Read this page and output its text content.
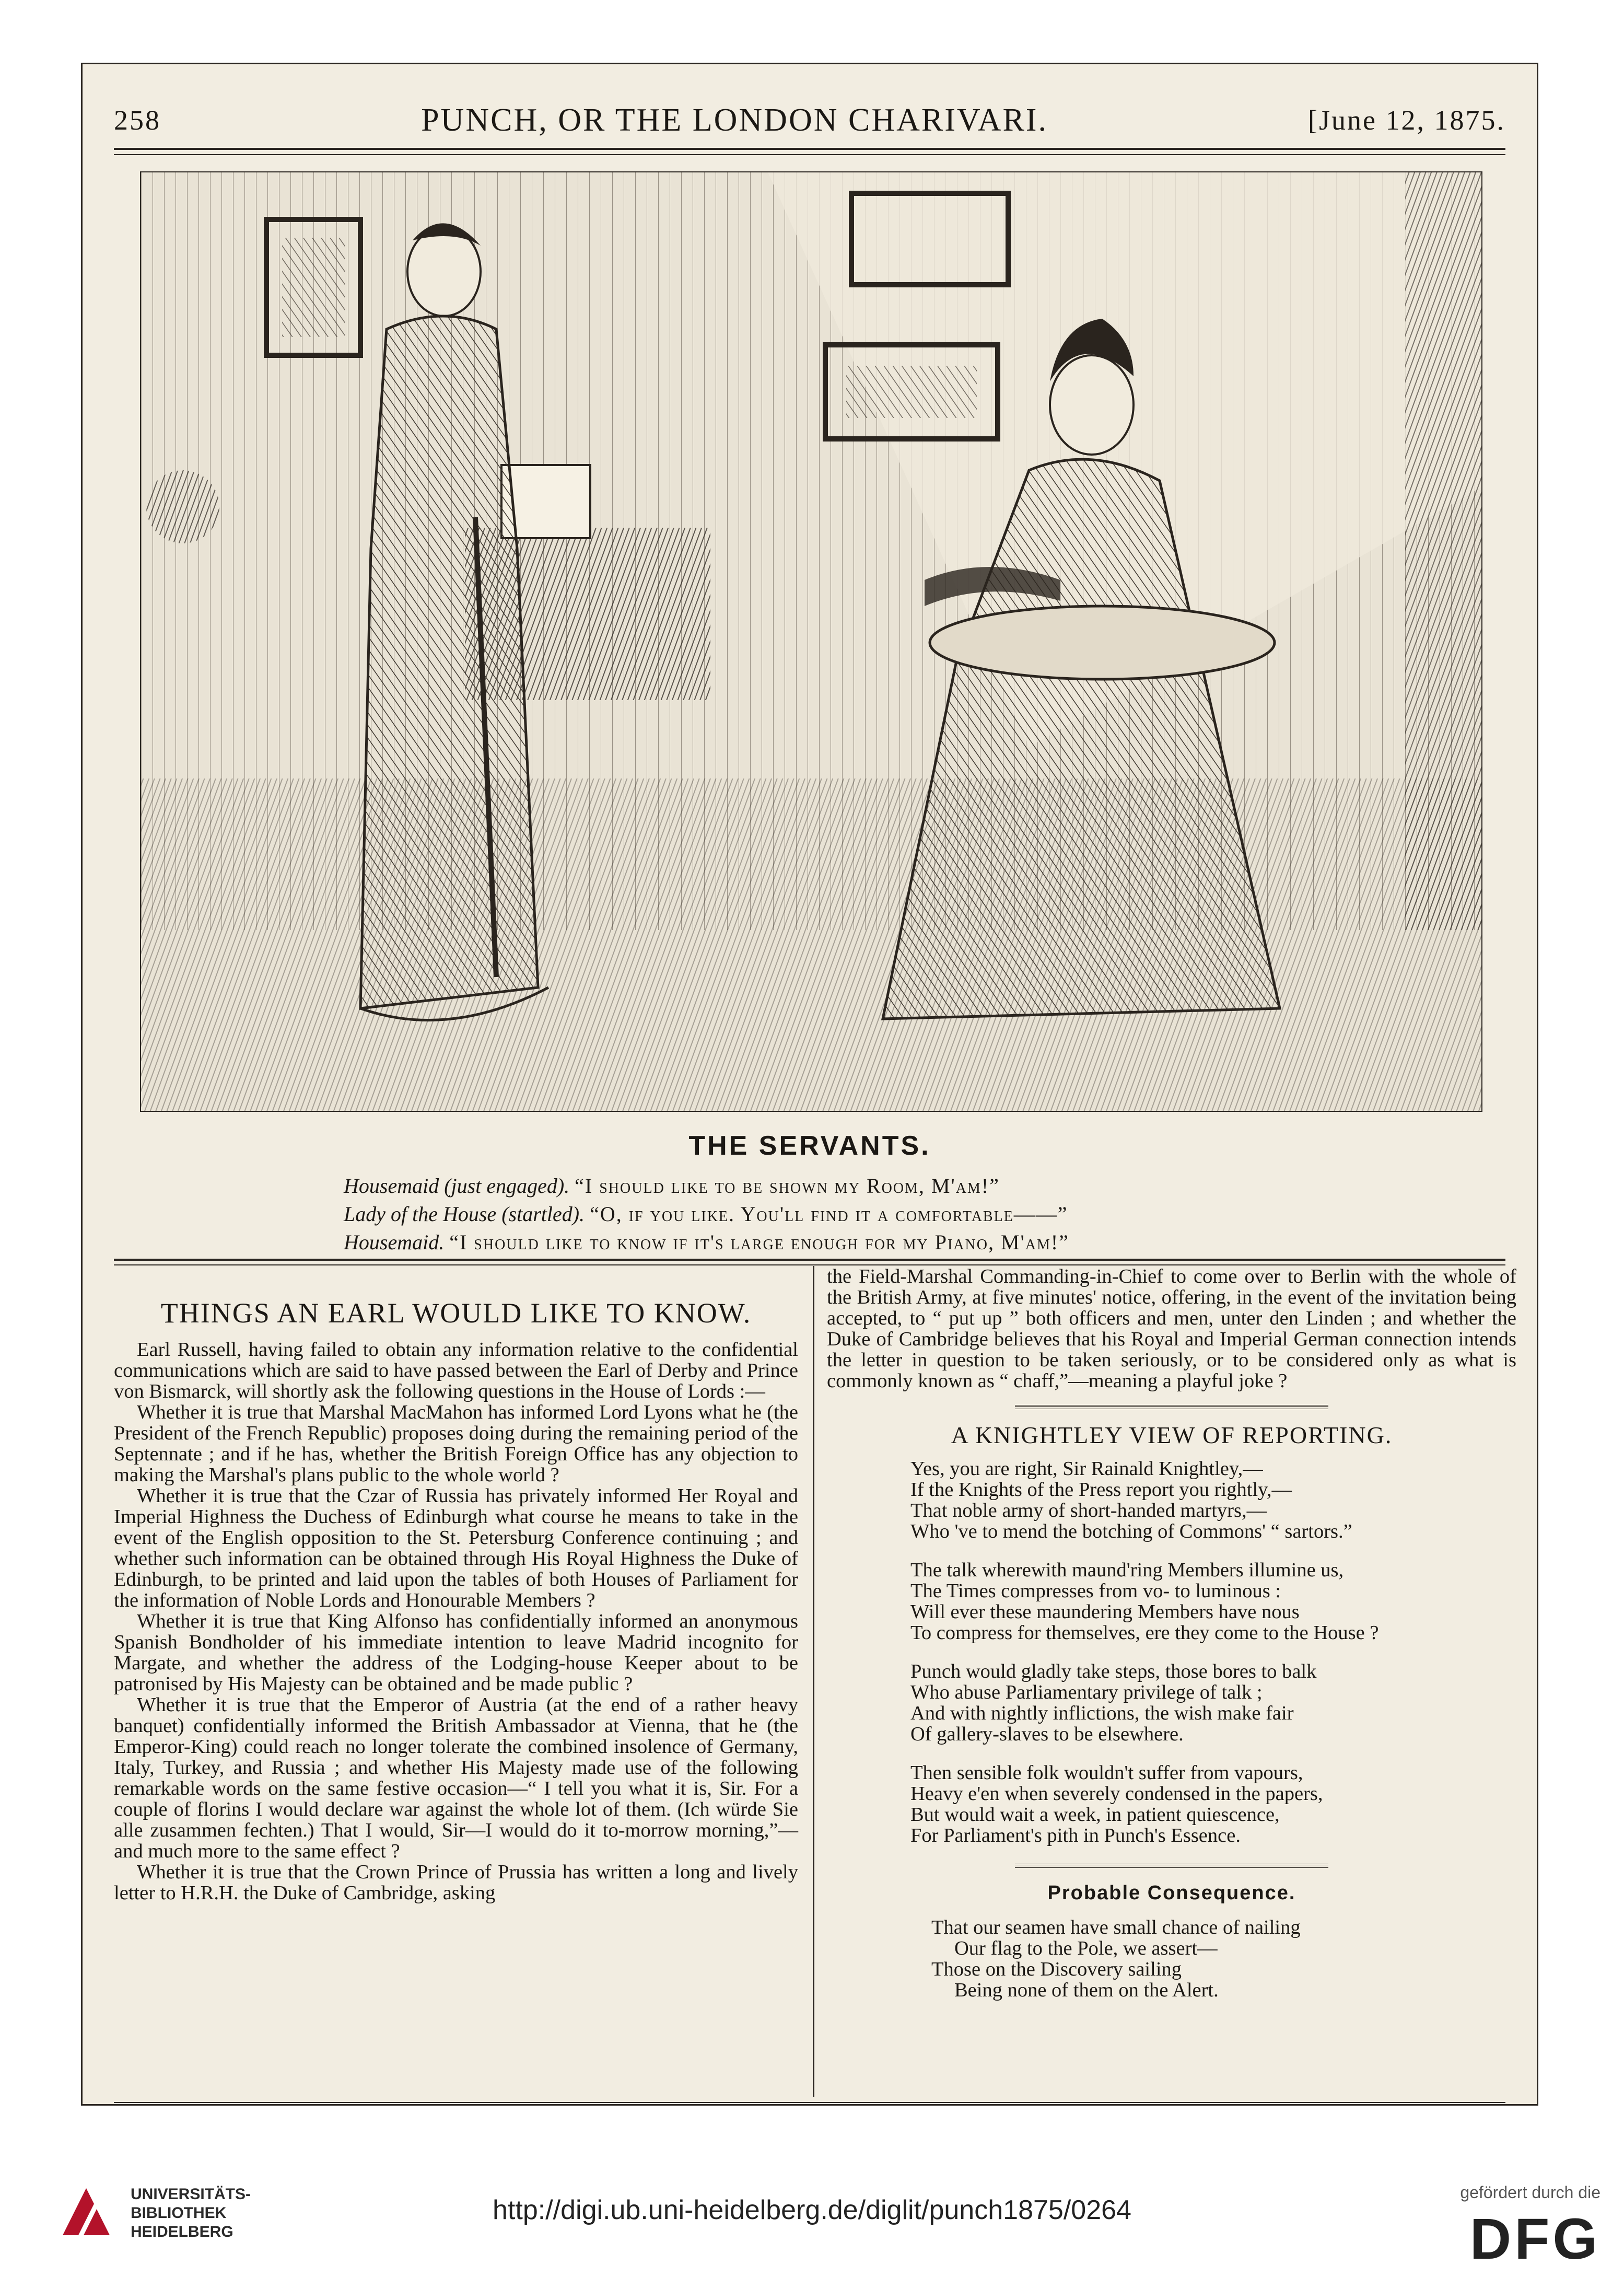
258	PUNCH, OR THE LONDON CHARIVARI.	[June 12, 1875.
THE SERVANTS.
Housemaid (just engaged). “I should like to be shown my Room, M'am!”
Lady of the House (startled). “O, if you like. You'll find it a comfortable——”
Housemaid. “I should like to know if it's large enough for my Piano, M'am!”
THINGS AN EARL WOULD LIKE TO KNOW.

Earl Russell, having failed to obtain any information relative to the confidential communications which are said to have passed between the Earl of Derby and Prince von Bismarck, will shortly ask the following questions in the House of Lords :—

Whether it is true that Marshal MacMahon has informed Lord Lyons what he (the President of the French Republic) proposes doing during the remaining period of the Septennate ; and if he has, whether the British Foreign Office has any objection to making the Marshal's plans public to the whole world ?

Whether it is true that the Czar of Russia has privately informed Her Royal and Imperial Highness the Duchess of Edinburgh what course he means to take in the event of the English opposition to the St. Petersburg Conference continuing ; and whether such information can be obtained through His Royal Highness the Duke of Edinburgh, to be printed and laid upon the tables of both Houses of Parliament for the information of Noble Lords and Honourable Members ?

Whether it is true that King Alfonso has confidentially informed an anonymous Spanish Bondholder of his immediate intention to leave Madrid incognito for Margate, and whether the address of the Lodging-house Keeper about to be patronised by His Majesty can be obtained and be made public ?

Whether it is true that the Emperor of Austria (at the end of a rather heavy banquet) confidentially informed the British Ambassador at Vienna, that he (the Emperor-King) could reach no longer tolerate the combined insolence of Germany, Italy, Turkey, and Russia ; and whether His Majesty made use of the following remarkable words on the same festive occasion—“ I tell you what it is, Sir. For a couple of florins I would declare war against the whole lot of them. (Ich würde Sie alle zusammen fechten.) That I would, Sir—I would do it to-morrow morning,”—and much more to the same effect ?

Whether it is true that the Crown Prince of Prussia has written a long and lively letter to H.R.H. the Duke of Cambridge, asking

the Field-Marshal Commanding-in-Chief to come over to Berlin with the whole of the British Army, at five minutes' notice, offering, in the event of the invitation being accepted, to “ put up ” both officers and men, unter den Linden ; and whether the Duke of Cambridge believes that his Royal and Imperial German connection intends the letter in question to be taken seriously, or to be considered only as what is commonly known as “ chaff,”—meaning a playful joke ?

A KNIGHTLEY VIEW OF REPORTING.
Yes, you are right, Sir Rainald Knightley,—
If the Knights of the Press report you rightly,—
That noble army of short-handed martyrs,—
Who 've to mend the botching of Commons' “ sartors.”
The talk wherewith maund'ring Members illumine us,
The Times compresses from vo- to luminous :
Will ever these maundering Members have nous
To compress for themselves, ere they come to the House ?
Punch would gladly take steps, those bores to balk
Who abuse Parliamentary privilege of talk ;
And with nightly inflictions, the wish make fair
Of gallery-slaves to be elsewhere.
Then sensible folk wouldn't suffer from vapours,
Heavy e'en when severely condensed in the papers,
But would wait a week, in patient quiescence,
For Parliament's pith in Punch's Essence.
Probable Consequence.
That our seamen have small chance of nailing
Our flag to the Pole, we assert—
Those on the Discovery sailing
Being none of them on the Alert.
UNIVERSITÄTS-
BIBLIOTHEK
HEIDELBERG
http://digi.ub.uni-heidelberg.de/diglit/punch1875/0264
gefördert durch die
DFG
